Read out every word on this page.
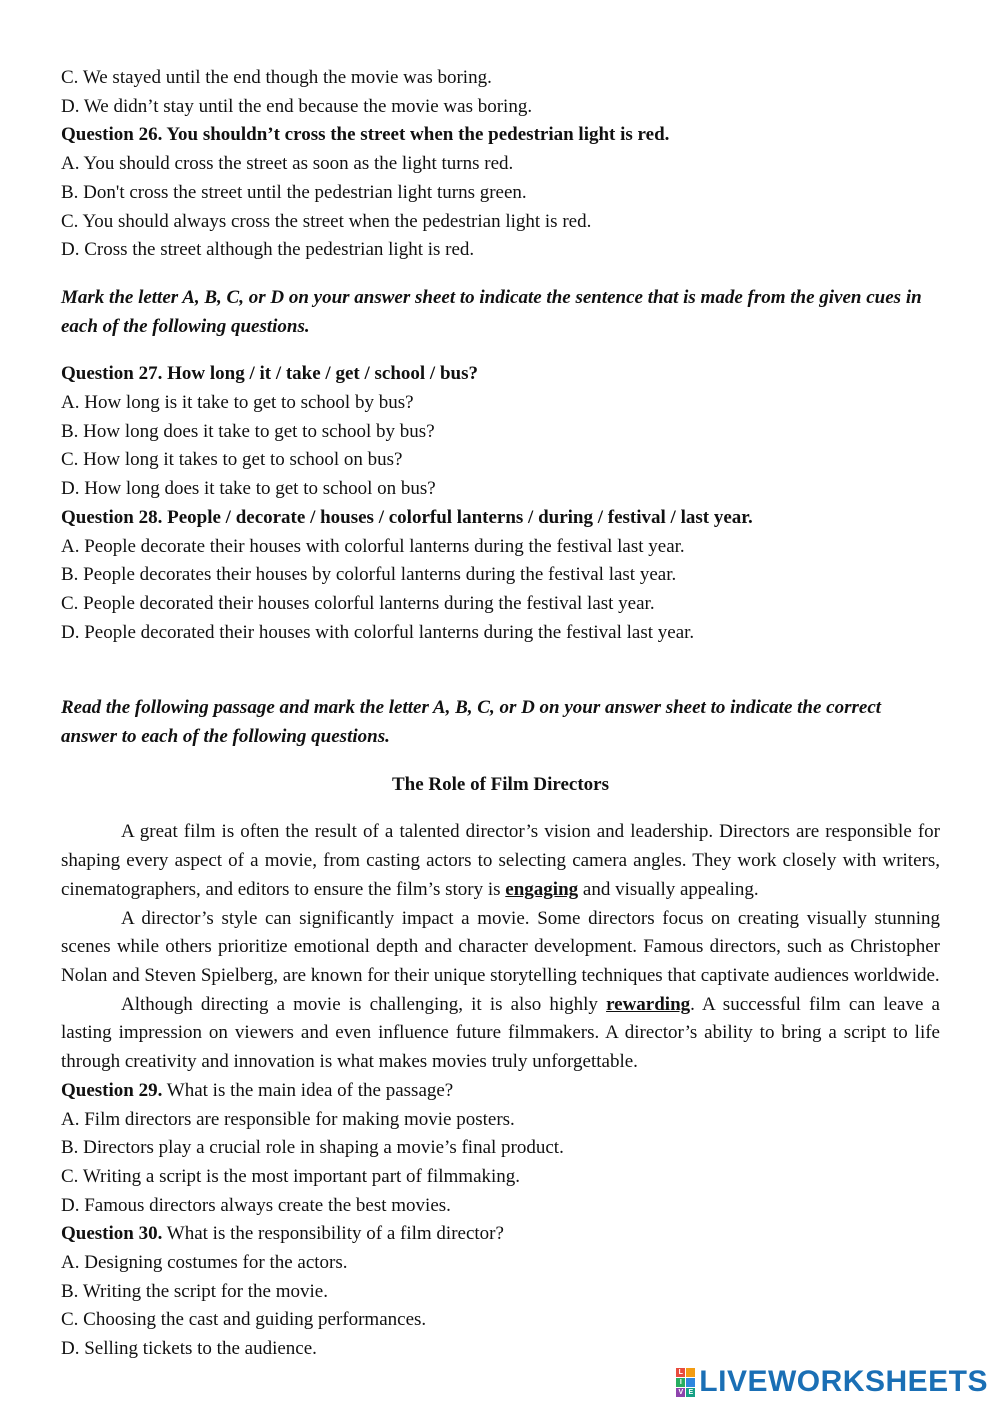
C. We stayed until the end though the movie was boring.

D. We didn’t stay until the end because the movie was boring.

Question 26. You shouldn’t cross the street when the pedestrian light is red.

A. You should cross the street as soon as the light turns red.

B. Don't cross the street until the pedestrian light turns green.

C. You should always cross the street when the pedestrian light is red.

D. Cross the street although the pedestrian light is red.

Mark the letter A, B, C, or D on your answer sheet to indicate the sentence that is made from the given cues in each of the following questions.

Question 27. How long / it / take / get / school / bus?

A. How long is it take to get to school by bus?

B. How long does it take to get to school by bus?

C. How long it takes to get to school on bus?

D. How long does it take to get to school on bus?

Question 28. People / decorate / houses / colorful lanterns / during / festival / last year.

A. People decorate their houses with colorful lanterns during the festival last year.

B. People decorates their houses by colorful lanterns during the festival last year.

C. People decorated their houses colorful lanterns during the festival last year.

D. People decorated their houses with colorful lanterns during the festival last year.

Read the following passage and mark the letter A, B, C, or D on your answer sheet to indicate the correct answer to each of the following questions.

The Role of Film Directors

A great film is often the result of a talented director’s vision and leadership. Directors are responsible for shaping every aspect of a movie, from casting actors to selecting camera angles. They work closely with writers, cinematographers, and editors to ensure the film’s story is engaging and visually appealing.

A director’s style can significantly impact a movie. Some directors focus on creating visually stunning scenes while others prioritize emotional depth and character development. Famous directors, such as Christopher Nolan and Steven Spielberg, are known for their unique storytelling techniques that captivate audiences worldwide.

Although directing a movie is challenging, it is also highly rewarding. A successful film can leave a lasting impression on viewers and even influence future filmmakers. A director’s ability to bring a script to life through creativity and innovation is what makes movies truly unforgettable.

Question 29. What is the main idea of the passage?

A. Film directors are responsible for making movie posters.

B. Directors play a crucial role in shaping a movie’s final product.

C. Writing a script is the most important part of filmmaking.

D. Famous directors always create the best movies.

Question 30. What is the responsibility of a film director?

A. Designing costumes for the actors.

B. Writing the script for the movie.

C. Choosing the cast and guiding performances.

D. Selling tickets to the audience.

L
I
V E LIVEWORKSHEETS
